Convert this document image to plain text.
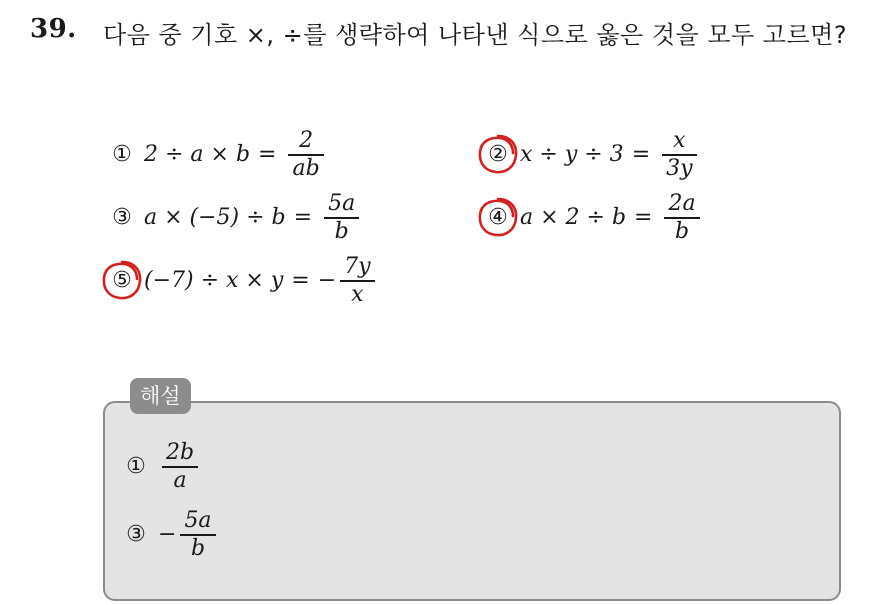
39. 다음 중 기호 ×, ÷를 생략하여 나타낸 식으로 옳은 것을 모두 고르면?
① $2 \div a \times b = \frac{2}{ab}$	② $x \div y \div 3 = \frac{x}{3y}$
③ $a \times (-5) \div b = \frac{5a}{b}$	④ $a \times 2 \div b = \frac{2a}{b}$
⑤ (−7) ÷ x × y = − $\frac{7y}{x}$
해설
① $\frac{2b}{a}$
③ − $\frac{5a}{b}$
